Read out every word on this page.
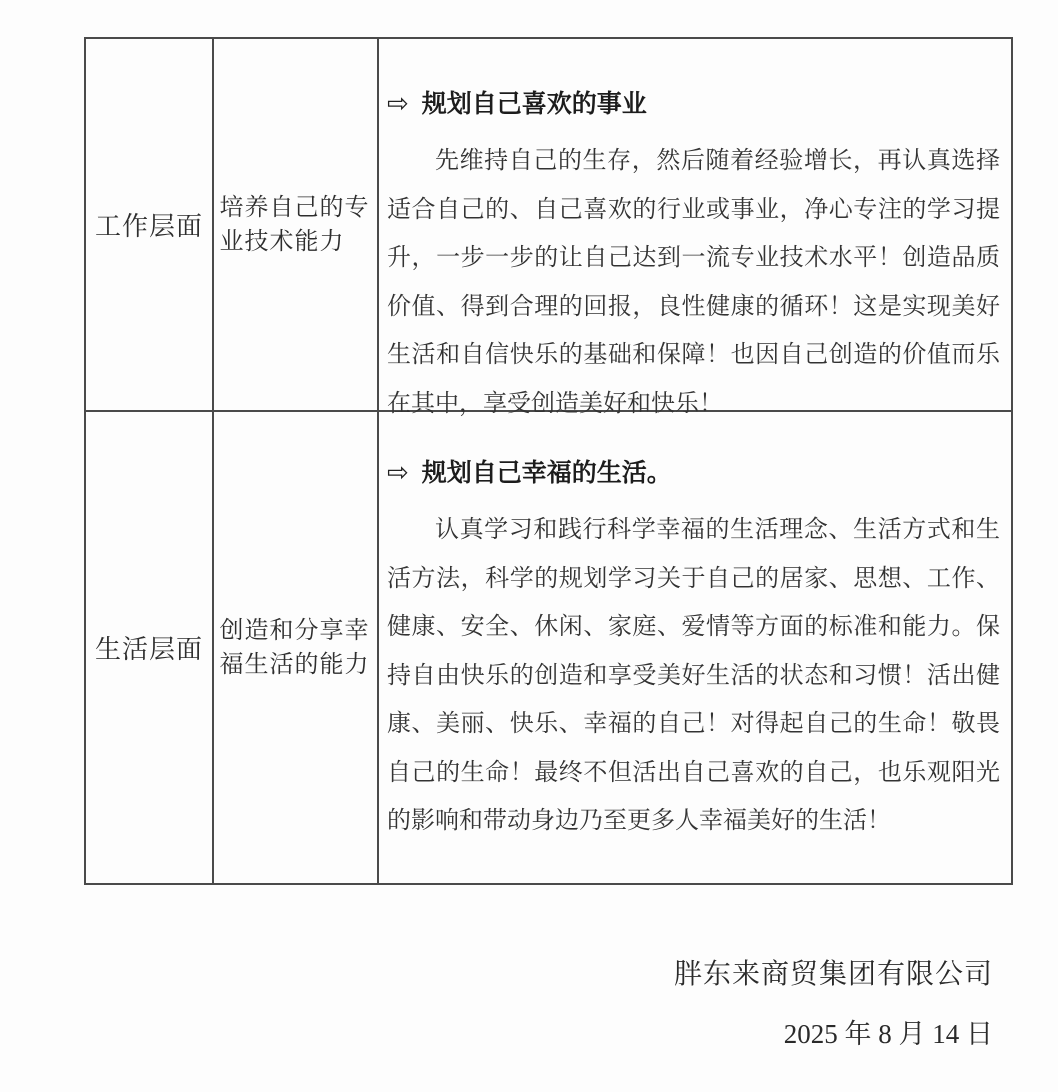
工作层面
培养自己的专业技术能力
⇨ 规划自己喜欢的事业

先维持自己的生存，然后随着经验增长，再认真选择适合自己的、自己喜欢的行业或事业，净心专注的学习提升，一步一步的让自己达到一流专业技术水平！创造品质价值、得到合理的回报，良性健康的循环！这是实现美好生活和自信快乐的基础和保障！也因自己创造的价值而乐在其中，享受创造美好和快乐！

生活层面
创造和分享幸福生活的能力
⇨ 规划自己幸福的生活。

认真学习和践行科学幸福的生活理念、生活方式和生活方法，科学的规划学习关于自己的居家、思想、工作、健康、安全、休闲、家庭、爱情等方面的标准和能力。保持自由快乐的创造和享受美好生活的状态和习惯！活出健康、美丽、快乐、幸福的自己！对得起自己的生命！敬畏自己的生命！最终不但活出自己喜欢的自己，也乐观阳光的影响和带动身边乃至更多人幸福美好的生活！

胖东来商贸集团有限公司
2025 年 8 月 14 日
